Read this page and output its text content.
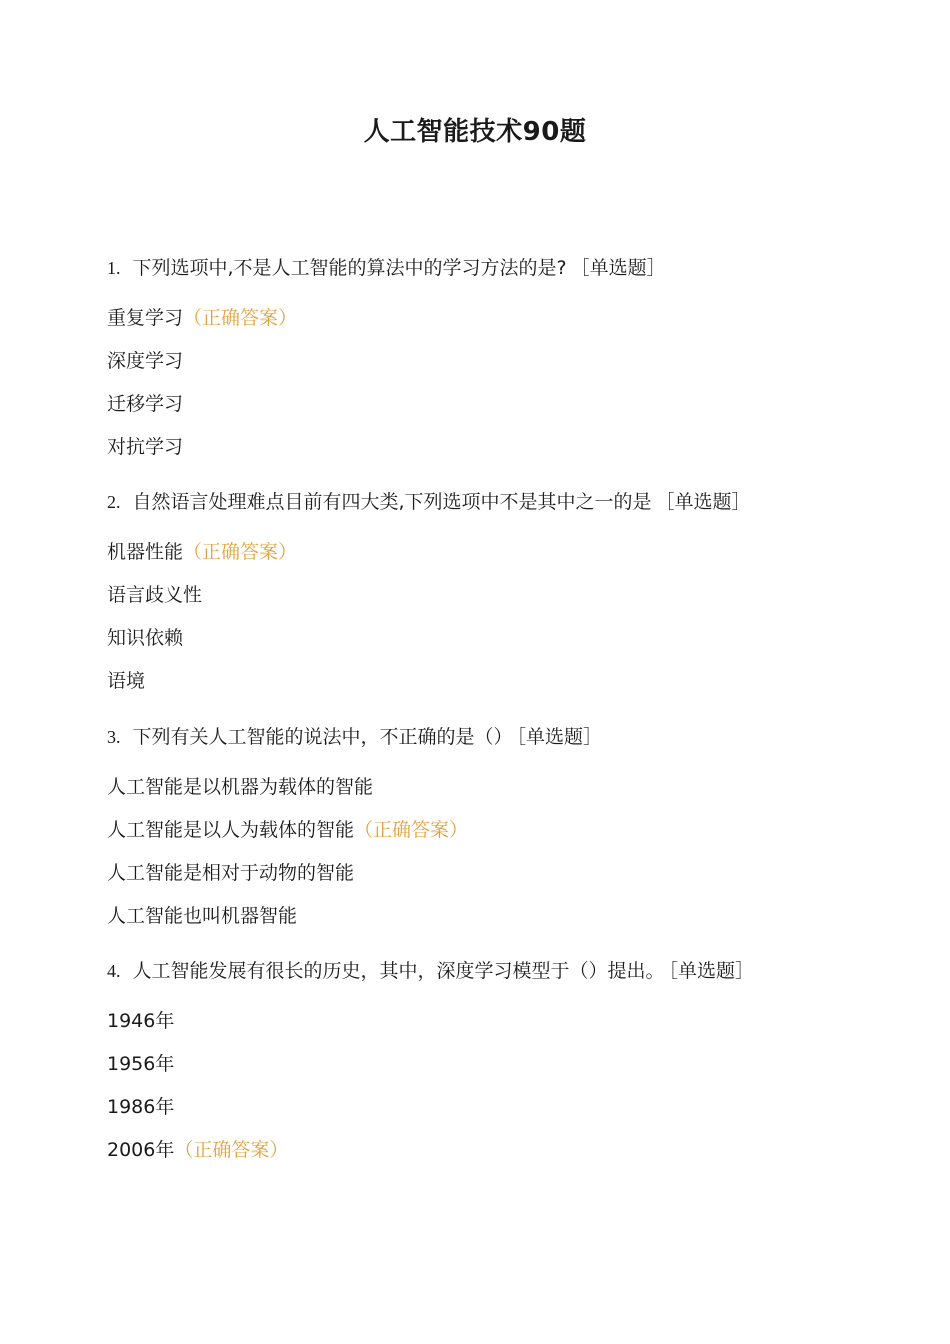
人工智能技术90题
1. 下列选项中,不是人工智能的算法中的学习方法的是? ［单选题］
重复学习（正确答案）
深度学习
迁移学习
对抗学习
2. 自然语言处理难点目前有四大类,下列选项中不是其中之一的是 ［单选题］
机器性能（正确答案）
语言歧义性
知识依赖
语境
3. 下列有关人工智能的说法中，不正确的是（） ［单选题］
人工智能是以机器为载体的智能
人工智能是以人为载体的智能（正确答案）
人工智能是相对于动物的智能
人工智能也叫机器智能
4. 人工智能发展有很长的历史，其中，深度学习模型于（）提出。 ［单选题］
1946年
1956年
1986年
2006年（正确答案）
